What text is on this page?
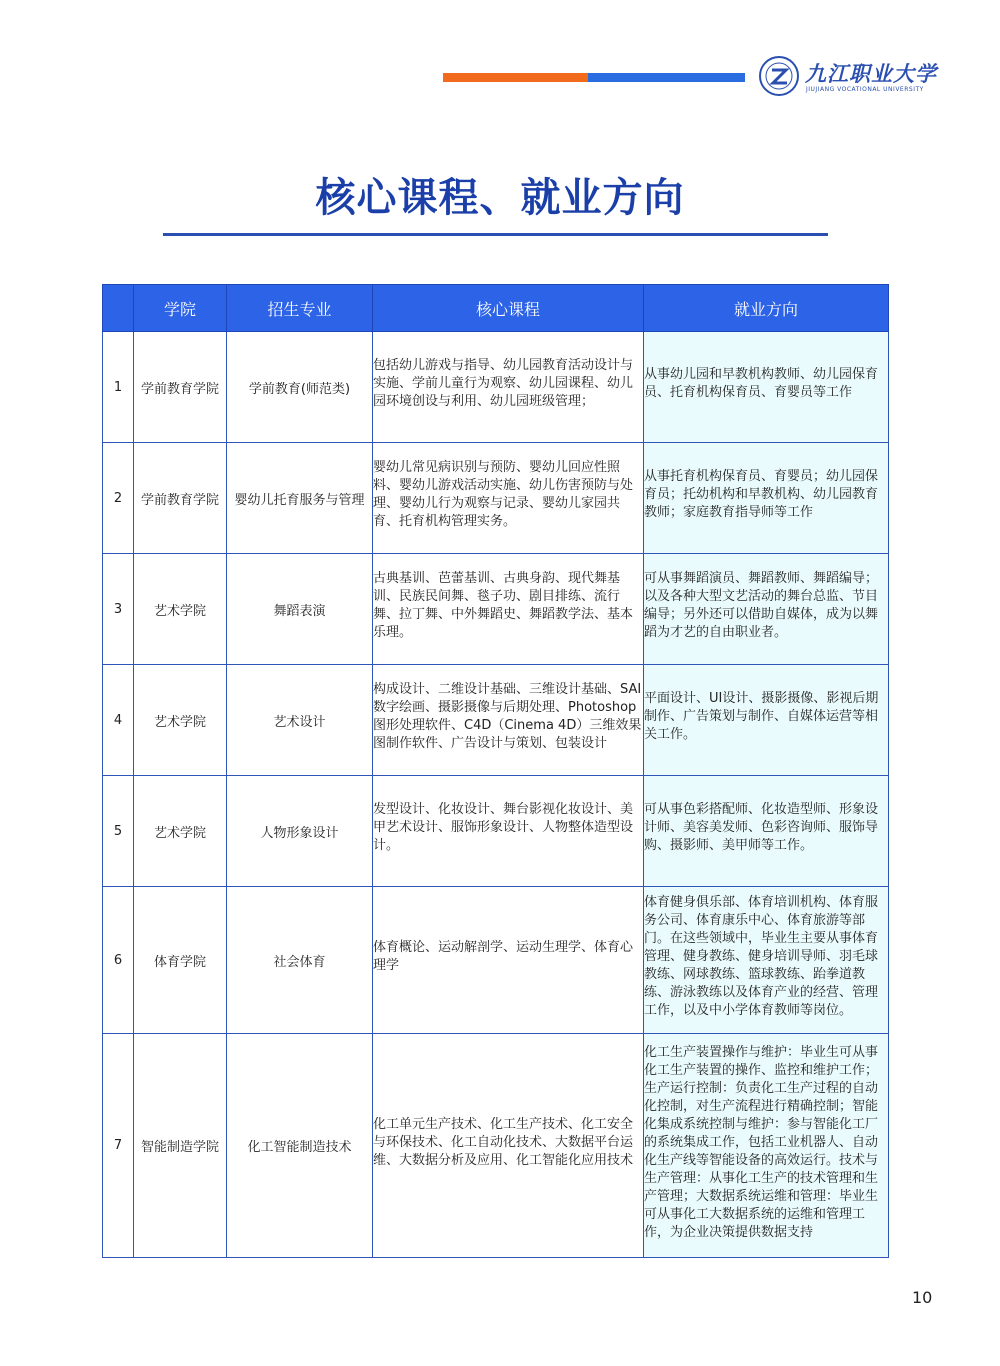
九江职业大学
JIUJIANG VOCATIONAL UNIVERSITY
核心课程、就业方向
	学院	招生专业	核心课程	就业方向
1	学前教育学院	学前教育(师范类)	包括幼儿游戏与指导、幼儿园教育活动设计与实施、学前儿童行为观察、幼儿园课程、幼儿园环境创设与利用、幼儿园班级管理；	从事幼儿园和早教机构教师、幼儿园保育员、托育机构保育员、育婴员等工作

2	学前教育学院	婴幼儿托育服务与管理	婴幼儿常见病识别与预防、婴幼儿回应性照料、婴幼儿游戏活动实施、幼儿伤害预防与处理、婴幼儿行为观察与记录、婴幼儿家园共育、托育机构管理实务。	从事托育机构保育员、育婴员；幼儿园保育员；托幼机构和早教机构、幼儿园教育教师；家庭教育指导师等工作

3	艺术学院	舞蹈表演	古典基训、芭蕾基训、古典身韵、现代舞基训、民族民间舞、毯子功、剧目排练、流行舞、拉丁舞、中外舞蹈史、舞蹈教学法、基本乐理。	可从事舞蹈演员、舞蹈教师、舞蹈编导；以及各种大型文艺活动的舞台总监、节目编导；另外还可以借助自媒体，成为以舞蹈为才艺的自由职业者。

4	艺术学院	艺术设计	构成设计、二维设计基础、三维设计基础、SAI数字绘画、摄影摄像与后期处理、Photoshop图形处理软件、C4D（Cinema 4D）三维效果图制作软件、广告设计与策划、包装设计	平面设计、UI设计、摄影摄像、影视后期制作、广告策划与制作、自媒体运营等相关工作。

5	艺术学院	人物形象设计	发型设计、化妆设计、舞台影视化妆设计、美甲艺术设计、服饰形象设计、人物整体造型设计。	可从事色彩搭配师、化妆造型师、形象设计师、美容美发师、色彩咨询师、服饰导购、摄影师、美甲师等工作。

6	体育学院	社会体育	体育概论、运动解剖学、运动生理学、体育心理学	体育健身俱乐部、体育培训机构、体育服务公司、体育康乐中心、体育旅游等部门。在这些领域中，毕业生主要从事体育管理、健身教练、健身培训导师、羽毛球教练、网球教练、篮球教练、跆拳道教练、游泳教练以及体育产业的经营、管理工作，以及中小学体育教师等岗位。

7	智能制造学院	化工智能制造技术	化工单元生产技术、化工生产技术、化工安全与环保技术、化工自动化技术、大数据平台运维、大数据分析及应用、化工智能化应用技术	化工生产装置操作与维护：毕业生可从事化工生产装置的操作、监控和维护工作；生产运行控制：负责化工生产过程的自动化控制，对生产流程进行精确控制；智能化集成系统控制与维护：参与智能化工厂的系统集成工作，包括工业机器人、自动化生产线等智能设备的高效运行。技术与生产管理：从事化工生产的技术管理和生产管理；大数据系统运维和管理：毕业生可从事化工大数据系统的运维和管理工作，为企业决策提供数据支持
10
